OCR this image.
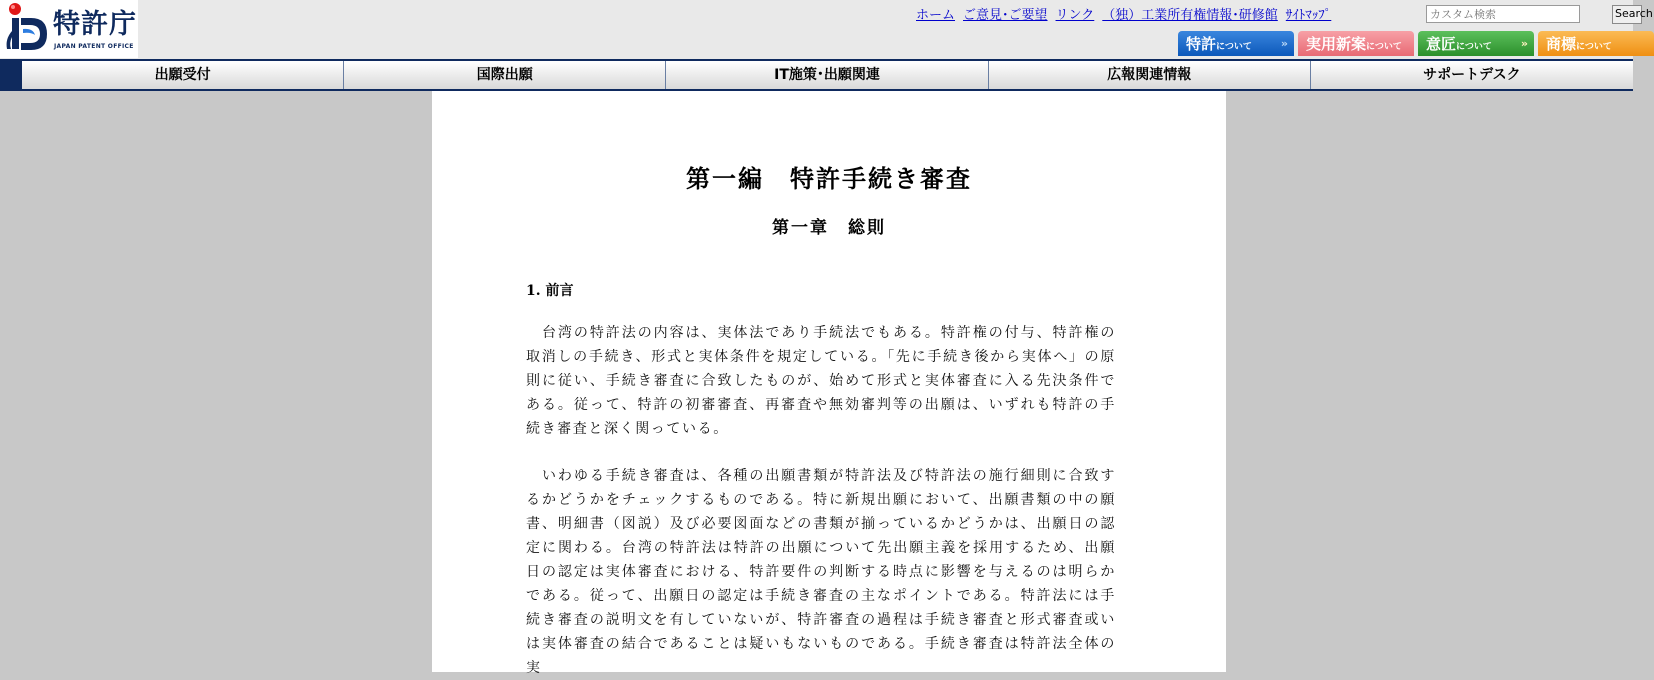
特許庁
JAPAN PATENT OFFICE
ホーム ご意見･ご要望 リンク （独）工業所有権情報･研修館 ｻｲﾄﾏｯﾌﾟ
カスタム検索	Search
特許について	»	実用新案について	意匠について	»	商標について
出願受付	国際出願	IT施策･出願関連	広報関連情報	サポートデスク
第一編　特許手続き審査
第一章　総則
1. 前言

　台湾の特許法の内容は、実体法であり手続法でもある。特許権の付与、特許権の取消しの手続き、形式と実体条件を規定している。「先に手続き後から実体へ」の原則に従い、手続き審査に合致したものが、始めて形式と実体審査に入る先決条件である。従って、特許の初審審査、再審査や無効審判等の出願は、いずれも特許の手続き審査と深く関っている。

　いわゆる手続き審査は、各種の出願書類が特許法及び特許法の施行細則に合致するかどうかをチェックするものである。特に新規出願において、出願書類の中の願書、明細書（図説）及び必要図面などの書類が揃っているかどうかは、出願日の認定に関わる。台湾の特許法は特許の出願について先出願主義を採用するため、出願日の認定は実体審査における、特許要件の判断する時点に影響を与えるのは明らかである。従って、出願日の認定は手続き審査の主なポイントである。特許法には手続き審査の説明文を有していないが、特許審査の過程は手続き審査と形式審査或いは実体審査の結合であることは疑いもないものである。手続き審査は特許法全体の実
